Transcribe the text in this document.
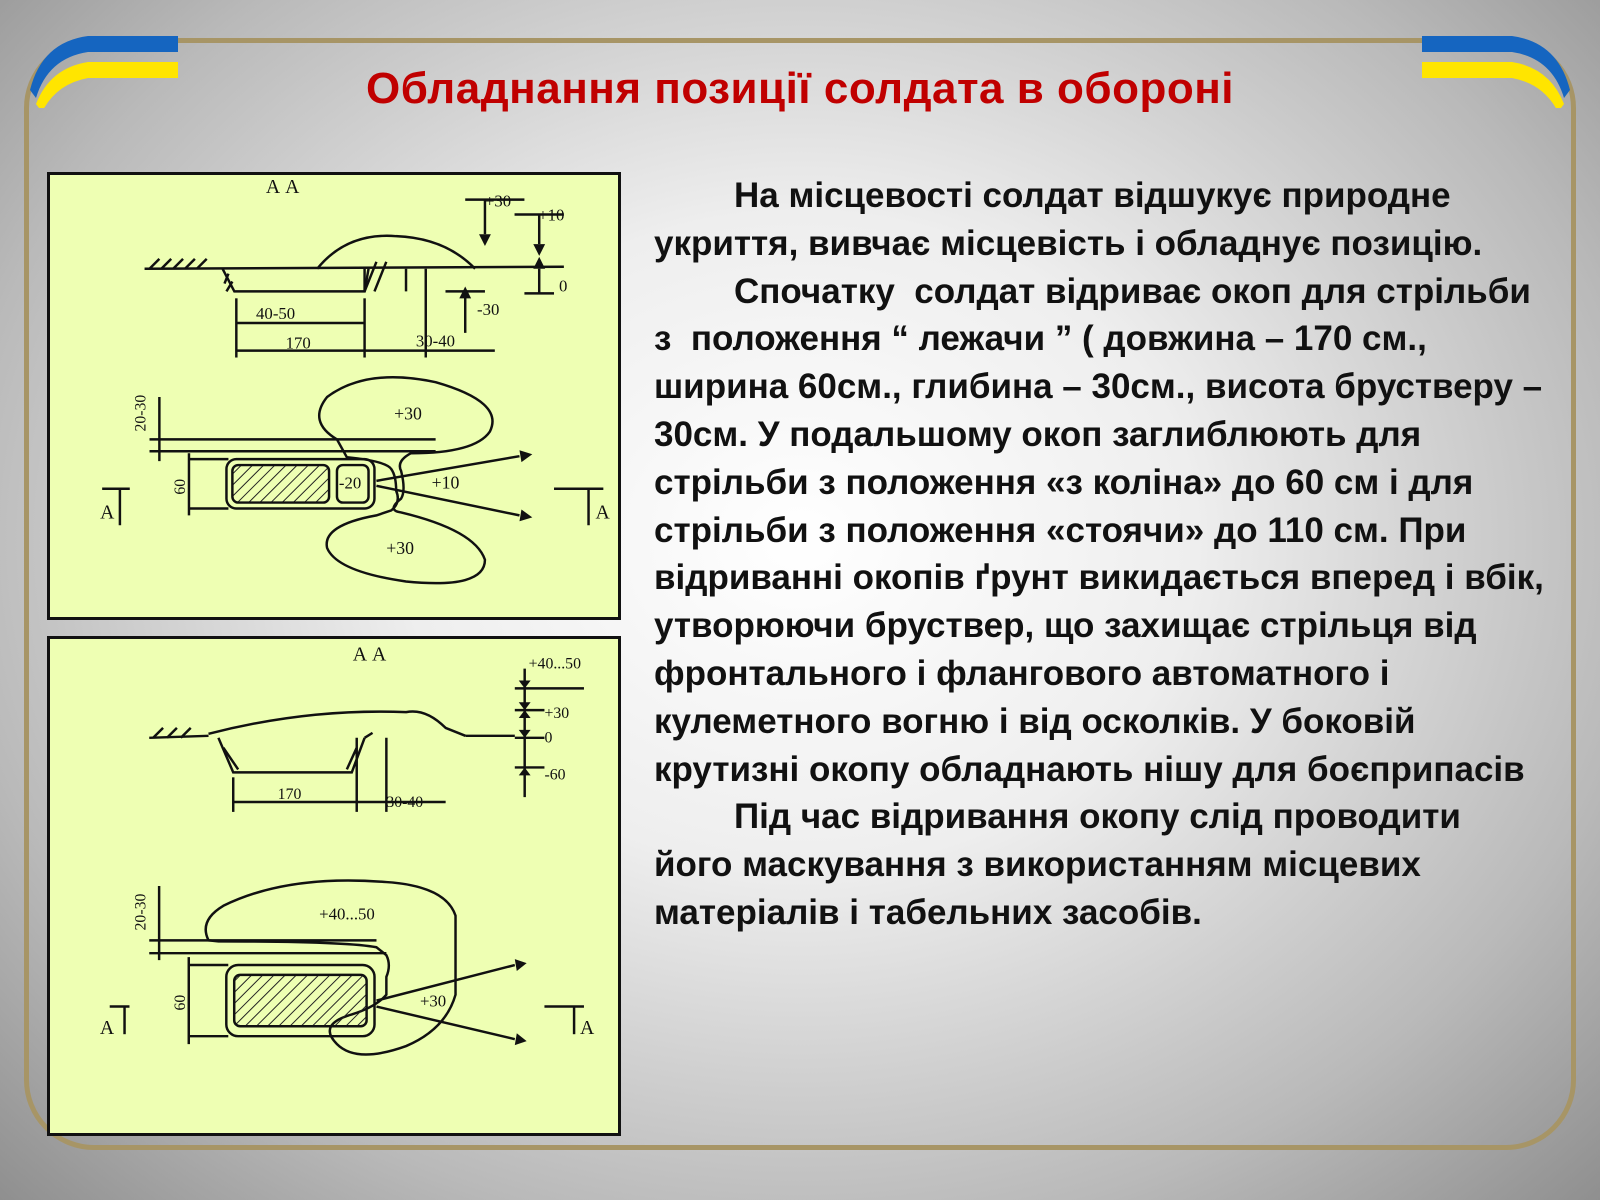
Обладнання позиції солдата в обороні
А А
+30
+10
0
-30
40-50
170	30-40
+30
+10
+30
-20
20-30
60
А	А
А А	+40...50
+30
0
-60
170	30-40
+40...50
+30
20-30
60
А	А

На місцевості солдат відшукує природне укриття, вивчає місцевість і обладнує позицію.

Спочатку  солдат відриває окоп для стрільби з  положення “ лежачи ” ( довжина – 170 см., ширина 60см., глибина – 30см., висота брустверу – 30см. У подальшому окоп заглиблюють для стрільби з положення «з коліна» до 60 см і для стрільби з положення «стоячи» до 110 см. При відриванні окопів ґрунт викидається вперед і вбік, утворюючи бруствер, що захищає стрільця від фронтального і флангового автоматного і кулеметного вогню і від осколків. У боковій крутизні окопу обладнають нішу для боєприпасів

Під час відривання окопу слід проводити його маскування з використанням місцевих матеріалів і табельних засобів.
